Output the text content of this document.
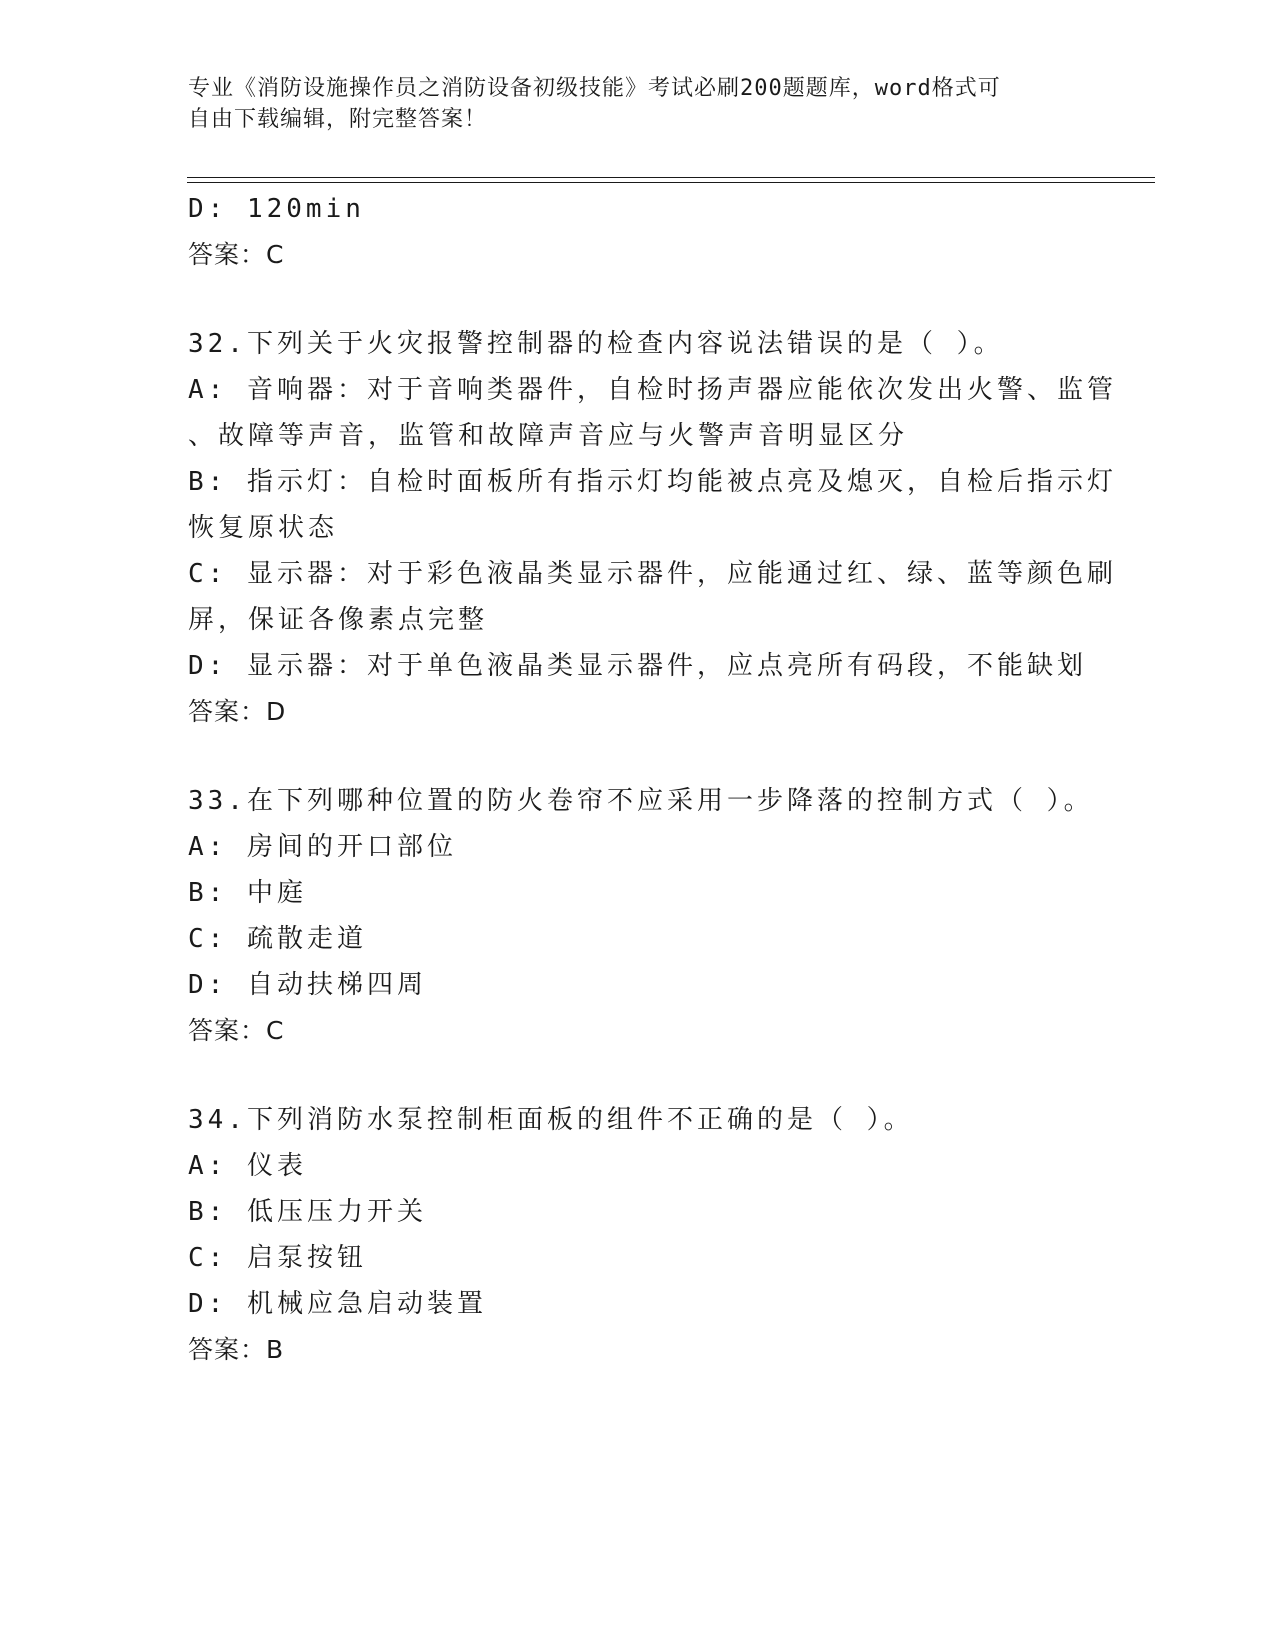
专业《消防设施操作员之消防设备初级技能》考试必刷200题题库，word格式可
自由下载编辑，附完整答案！
D: 120min
答案：C
32.下列关于火灾报警控制器的检查内容说法错误的是（ ）。
A: 音响器：对于音响类器件，自检时扬声器应能依次发出火警、监管
、故障等声音，监管和故障声音应与火警声音明显区分
B: 指示灯：自检时面板所有指示灯均能被点亮及熄灭，自检后指示灯
恢复原状态
C: 显示器：对于彩色液晶类显示器件，应能通过红、绿、蓝等颜色刷
屏，保证各像素点完整
D: 显示器：对于单色液晶类显示器件，应点亮所有码段，不能缺划
答案：D
33.在下列哪种位置的防火卷帘不应采用一步降落的控制方式（ ）。
A: 房间的开口部位
B: 中庭
C: 疏散走道
D: 自动扶梯四周
答案：C
34.下列消防水泵控制柜面板的组件不正确的是（ ）。
A: 仪表
B: 低压压力开关
C: 启泵按钮
D: 机械应急启动装置
答案：B
